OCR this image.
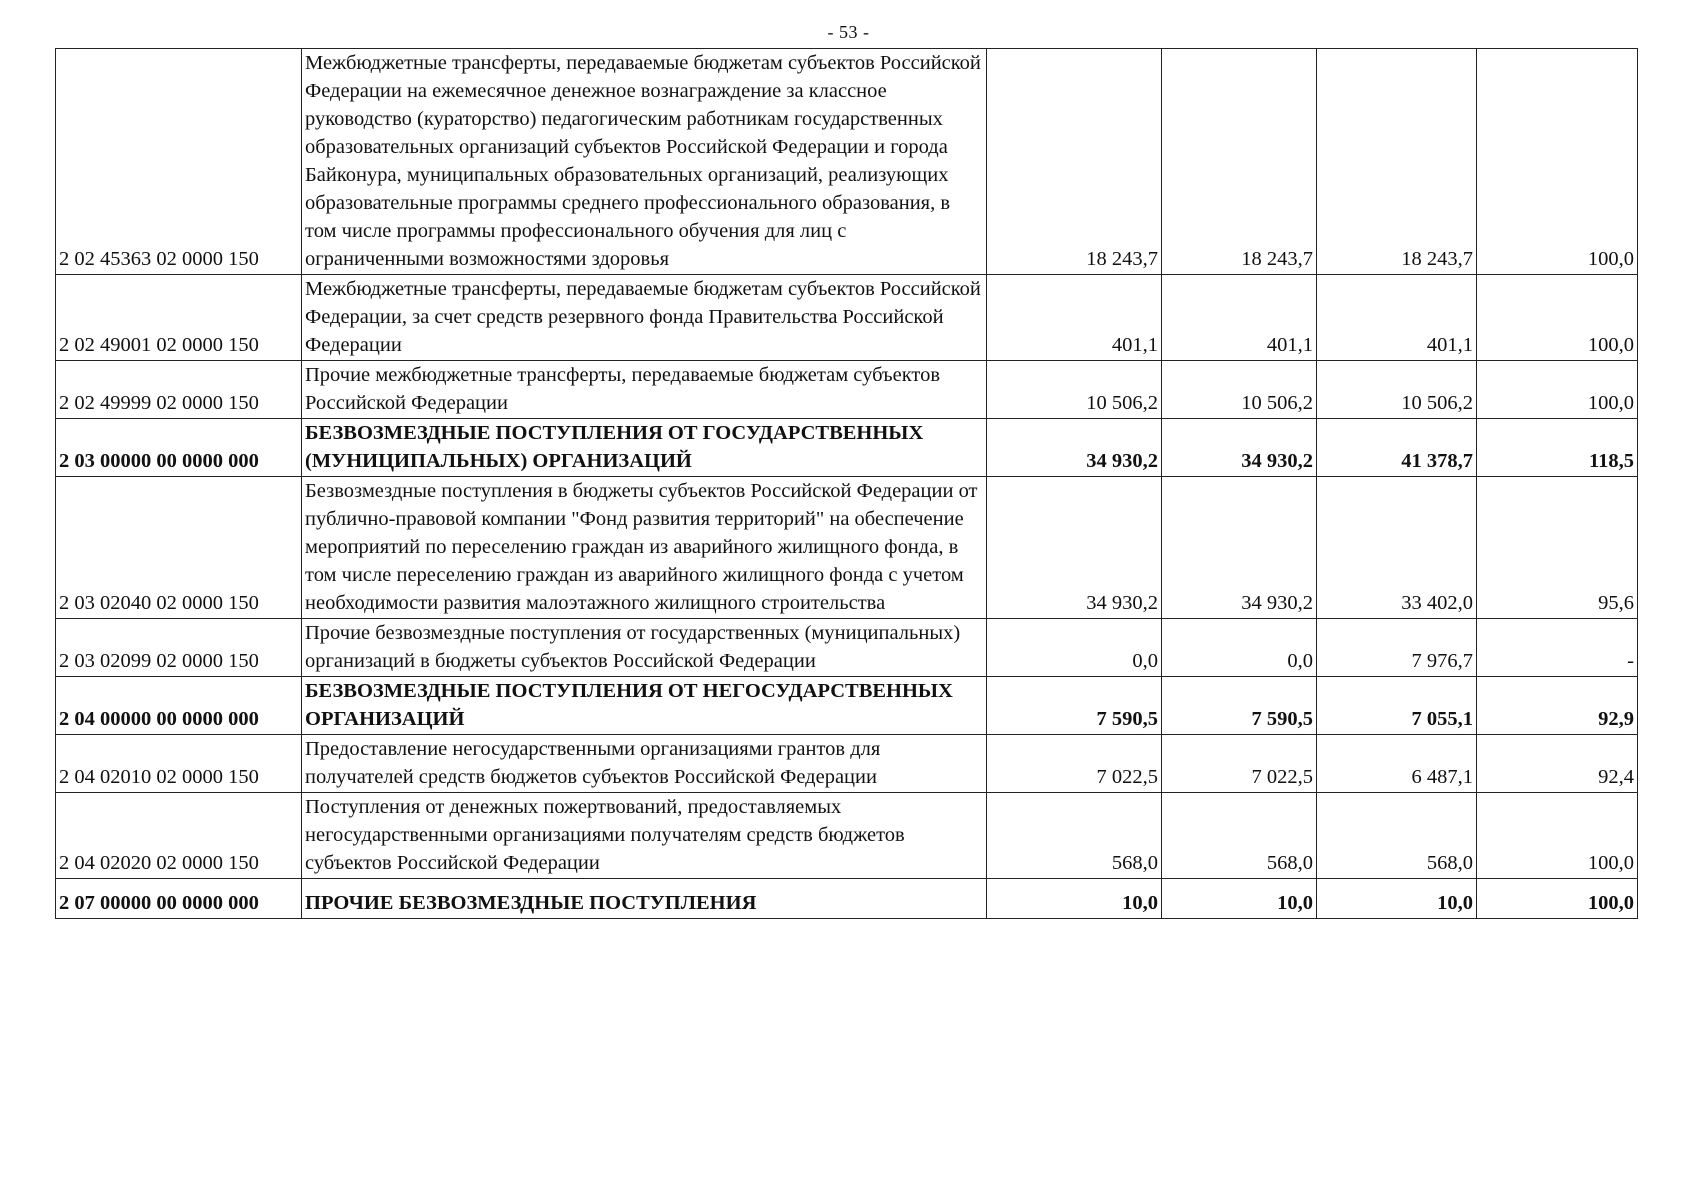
- 53 -
2 02 45363 02 0000 150	Межбюджетные трансферты, передаваемые бюджетам субъектов Российской Федерации на ежемесячное денежное вознаграждение за классное руководство (кураторство) педагогическим работникам государственных образовательных организаций субъектов Российской Федерации и города Байконура, муниципальных образовательных организаций, реализующих образовательные программы среднего профессионального образования, в том числе программы профессионального обучения для лиц с ограниченными возможностями здоровья	18 243,7	18 243,7	18 243,7	100,0
2 02 49001 02 0000 150	Межбюджетные трансферты, передаваемые бюджетам субъектов Российской Федерации, за счет средств резервного фонда Правительства Российской Федерации	401,1	401,1	401,1	100,0
2 02 49999 02 0000 150	Прочие межбюджетные трансферты, передаваемые бюджетам субъектов Российской Федерации	10 506,2	10 506,2	10 506,2	100,0
2 03 00000 00 0000 000	БЕЗВОЗМЕЗДНЫЕ ПОСТУПЛЕНИЯ ОТ ГОСУДАРСТВЕННЫХ (МУНИЦИПАЛЬНЫХ) ОРГАНИЗАЦИЙ	34 930,2	34 930,2	41 378,7	118,5
2 03 02040 02 0000 150	Безвозмездные поступления в бюджеты субъектов Российской Федерации от публично-правовой компании "Фонд развития территорий" на обеспечение мероприятий по переселению граждан из аварийного жилищного фонда, в том числе переселению граждан из аварийного жилищного фонда с учетом необходимости развития малоэтажного жилищного строительства	34 930,2	34 930,2	33 402,0	95,6
2 03 02099 02 0000 150	Прочие безвозмездные поступления от государственных (муниципальных) организаций в бюджеты субъектов Российской Федерации	0,0	0,0	7 976,7	-
2 04 00000 00 0000 000	БЕЗВОЗМЕЗДНЫЕ ПОСТУПЛЕНИЯ ОТ НЕГОСУДАРСТВЕННЫХ ОРГАНИЗАЦИЙ	7 590,5	7 590,5	7 055,1	92,9
2 04 02010 02 0000 150	Предоставление негосударственными организациями грантов для получателей средств бюджетов субъектов Российской Федерации	7 022,5	7 022,5	6 487,1	92,4
2 04 02020 02 0000 150	Поступления от денежных пожертвований, предоставляемых негосударственными организациями получателям средств бюджетов субъектов Российской Федерации	568,0	568,0	568,0	100,0
2 07 00000 00 0000 000	ПРОЧИЕ БЕЗВОЗМЕЗДНЫЕ ПОСТУПЛЕНИЯ	10,0	10,0	10,0	100,0
